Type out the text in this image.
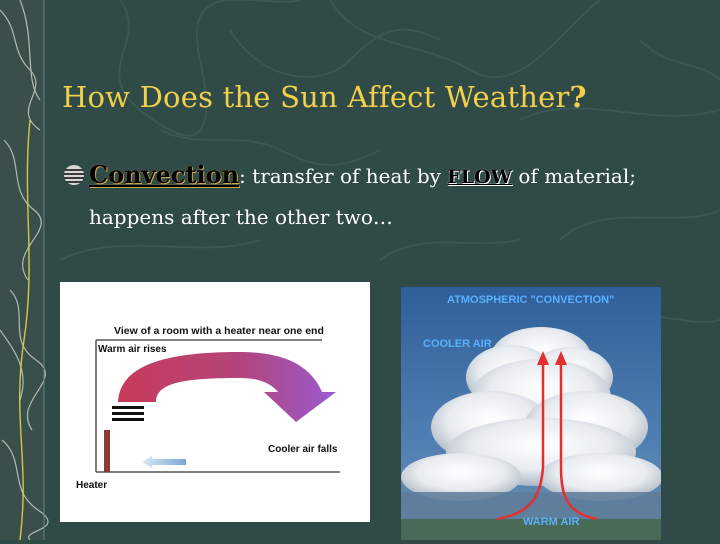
How Does the Sun Affect Weather?
Convection: transfer of heat by FLOW of material;
happens after the other two…
View of a room with a heater near one end
Warm air rises
Cooler air falls
Heater
ATMOSPHERIC "CONVECTION"
COOLER AIR
WARM AIR
